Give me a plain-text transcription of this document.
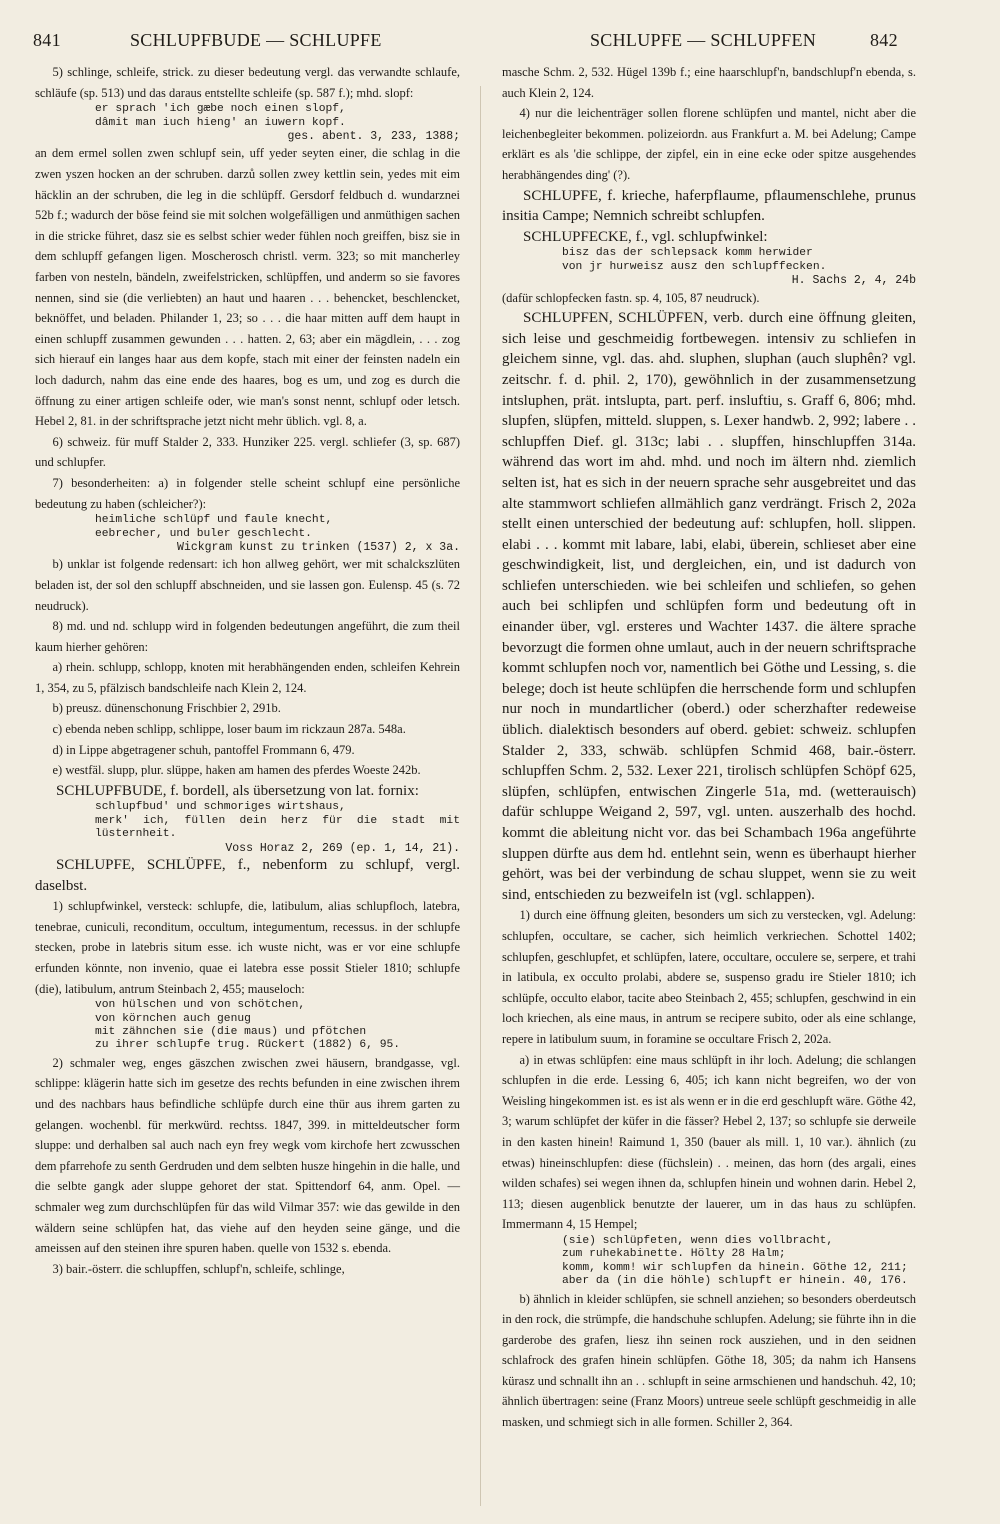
841	SCHLUPFBUDE — SCHLUPFE	SCHLUPFE — SCHLUPFEN	842

5) schlinge, schleife, strick. zu dieser bedeutung vergl. das verwandte schlaufe, schläufe (sp. 513) und das daraus entstellte schleife (sp. 587 f.); mhd. slopf:

er sprach 'ich gæbe noch einen slopf,
dâmit man iuch hieng' an iuwern kopf.
ges. abent. 3, 233, 1388;

an dem ermel sollen zwen schlupf sein, uff yeder seyten einer, die schlag in die zwen yszen hocken an der schruben. darzů sollen zwey kettlin sein, yedes mit eim häcklin an der schruben, die leg in die schlüpff. Gersdorf feldbuch d. wundarznei 52b f.; wadurch der böse feind sie mit solchen wolgefälligen und anmüthigen sachen in die stricke führet, dasz sie es selbst schier weder fühlen noch greiffen, bisz sie in dem schlupff gefangen ligen. Moscherosch christl. verm. 323; so mit mancherley farben von nesteln, bändeln, zweifelstricken, schlüpffen, und anderm so sie favores nennen, sind sie (die verliebten) an haut und haaren . . . behencket, beschlencket, beknöffet, und beladen. Philander 1, 23; so . . . die haar mitten auff dem haupt in einen schlupff zusammen gewunden . . . hatten. 2, 63; aber ein mägdlein, . . . zog sich hierauf ein langes haar aus dem kopfe, stach mit einer der feinsten nadeln ein loch dadurch, nahm das eine ende des haares, bog es um, und zog es durch die öffnung zu einer artigen schleife oder, wie man's sonst nennt, schlupf oder letsch. Hebel 2, 81. in der schriftsprache jetzt nicht mehr üblich. vgl. 8, a.

6) schweiz. für muff Stalder 2, 333. Hunziker 225. vergl. schliefer (3, sp. 687) und schlupfer.

7) besonderheiten: a) in folgender stelle scheint schlupf eine persönliche bedeutung zu haben (schleicher?):

heimliche schlüpf und faule knecht,
eebrecher, und buler geschlecht.
Wickgram kunst zu trinken (1537) 2, x 3a.

b) unklar ist folgende redensart: ich hon allweg gehört, wer mit schalckszlüten beladen ist, der sol den schlupff abschneiden, und sie lassen gon. Eulensp. 45 (s. 72 neudruck).

8) md. und nd. schlupp wird in folgenden bedeutungen angeführt, die zum theil kaum hierher gehören:

a) rhein. schlupp, schlopp, knoten mit herabhängenden enden, schleifen Kehrein 1, 354, zu 5, pfälzisch bandschleife nach Klein 2, 124.

b) preusz. dünenschonung Frischbier 2, 291b.

c) ebenda neben schlipp, schlippe, loser baum im rickzaun 287a. 548a.

d) in Lippe abgetragener schuh, pantoffel Frommann 6, 479.

e) westfäl. slupp, plur. slüppe, haken am hamen des pferdes Woeste 242b.

SCHLUPFBUDE, f. bordell, als übersetzung von lat. fornix:

schlupfbud' und schmoriges wirtshaus,
merk' ich, füllen dein herz für die stadt mit lüsternheit.
Voss Horaz 2, 269 (ep. 1, 14, 21).

SCHLUPFE, SCHLÜPFE, f., nebenform zu schlupf, vergl. daselbst.

1) schlupfwinkel, versteck: schlupfe, die, latibulum, alias schlupfloch, latebra, tenebrae, cuniculi, reconditum, occultum, integumentum, recessus. in der schlupfe stecken, probe in latebris situm esse. ich wuste nicht, was er vor eine schlupfe erfunden könnte, non invenio, quae ei latebra esse possit Stieler 1810; schlupfe (die), latibulum, antrum Steinbach 2, 455; mauseloch:

von hülschen und von schötchen,
von körnchen auch genug
mit zähnchen sie (die maus) und pfötchen
zu ihrer schlupfe trug. Rückert (1882) 6, 95.

2) schmaler weg, enges gäszchen zwischen zwei häusern, brandgasse, vgl. schlippe: klägerin hatte sich im gesetze des rechts befunden in eine zwischen ihrem und des nachbars haus befindliche schlüpfe durch eine thür aus ihrem garten zu gelangen. wochenbl. für merkwürd. rechtss. 1847, 399. in mitteldeutscher form sluppe: und derhalben sal auch nach eyn frey wegk vom kirchofe hert zcwusschen dem pfarrehofe zu senth Gerdruden und dem selbten husze hingehin in die halle, und die selbte gangk ader sluppe gehoret der stat. Spittendorf 64, anm. Opel. — schmaler weg zum durchschlüpfen für das wild Vilmar 357: wie das gewilde in den wäldern seine schlüpfen hat, das viehe auf den heyden seine gänge, und die ameissen auf den steinen ihre spuren haben. quelle von 1532 s. ebenda.

3) bair.-österr. die schlupffen, schlupf'n, schleife, schlinge,

masche Schm. 2, 532. Hügel 139b f.; eine haarschlupf'n, bandschlupf'n ebenda, s. auch Klein 2, 124.

4) nur die leichenträger sollen florene schlüpfen und mantel, nicht aber die leichenbegleiter bekommen. polizeiordn. aus Frankfurt a. M. bei Adelung; Campe erklärt es als 'die schlippe, der zipfel, ein in eine ecke oder spitze ausgehendes herabhängendes ding' (?).

SCHLUPFE, f. krieche, haferpflaume, pflaumenschlehe, prunus insitia Campe; Nemnich schreibt schlupfen.

SCHLUPFECKE, f., vgl. schlupfwinkel:

bisz das der schlepsack komm herwider
von jr hurweisz ausz den schlupffecken.
H. Sachs 2, 4, 24b

(dafür schlopfecken fastn. sp. 4, 105, 87 neudruck).

SCHLUPFEN, SCHLÜPFEN, verb. durch eine öffnung gleiten, sich leise und geschmeidig fortbewegen. intensiv zu schliefen in gleichem sinne, vgl. das. ahd. sluphen, sluphan (auch sluphên? vgl. zeitschr. f. d. phil. 2, 170), gewöhnlich in der zusammensetzung intsluphen, prät. intslupta, part. perf. insluftiu, s. Graff 6, 806; mhd. slupfen, slüpfen, mitteld. sluppen, s. Lexer handwb. 2, 992; labere . . schlupffen Dief. gl. 313c; labi . . slupffen, hinschlupffen 314a. während das wort im ahd. mhd. und noch im ältern nhd. ziemlich selten ist, hat es sich in der neuern sprache sehr ausgebreitet und das alte stammwort schliefen allmählich ganz verdrängt. Frisch 2, 202a stellt einen unterschied der bedeutung auf: schlupfen, holl. slippen. elabi . . . kommt mit labare, labi, elabi, überein, schlieset aber eine geschwindigkeit, list, und dergleichen, ein, und ist dadurch von schliefen unterschieden. wie bei schleifen und schliefen, so gehen auch bei schlipfen und schlüpfen form und bedeutung oft in einander über, vgl. ersteres und Wachter 1437. die ältere sprache bevorzugt die formen ohne umlaut, auch in der neuern schriftsprache kommt schlupfen noch vor, namentlich bei Göthe und Lessing, s. die belege; doch ist heute schlüpfen die herrschende form und schlupfen nur noch in mundartlicher (oberd.) oder scherzhafter redeweise üblich. dialektisch besonders auf oberd. gebiet: schweiz. schlupfen Stalder 2, 333, schwäb. schlüpfen Schmid 468, bair.-österr. schlupffen Schm. 2, 532. Lexer 221, tirolisch schlüpfen Schöpf 625, slüpfen, schlüpfen, entwischen Zingerle 51a, md. (wetterauisch) dafür schluppe Weigand 2, 597, vgl. unten. auszerhalb des hochd. kommt die ableitung nicht vor. das bei Schambach 196a angeführte sluppen dürfte aus dem hd. entlehnt sein, wenn es überhaupt hierher gehört, was bei der verbindung de schau sluppet, wenn sie zu weit sind, entschieden zu bezweifeln ist (vgl. schlappen).

1) durch eine öffnung gleiten, besonders um sich zu verstecken, vgl. Adelung: schlupfen, occultare, se cacher, sich heimlich verkriechen. Schottel 1402; schlupfen, geschlupfet, et schlüpfen, latere, occultare, occulere se, serpere, et trahi in latibula, ex occulto prolabi, abdere se, suspenso gradu ire Stieler 1810; ich schlüpfe, occulto elabor, tacite abeo Steinbach 2, 455; schlupfen, geschwind in ein loch kriechen, als eine maus, in antrum se recipere subito, oder als eine schlange, repere in latibulum suum, in foramine se occultare Frisch 2, 202a.

a) in etwas schlüpfen: eine maus schlüpft in ihr loch. Adelung; die schlangen schlupfen in die erde. Lessing 6, 405; ich kann nicht begreifen, wo der von Weisling hingekommen ist. es ist als wenn er in die erd geschlupft wäre. Göthe 42, 3; warum schlüpfet der küfer in die fässer? Hebel 2, 137; so schlupfe sie derweile in den kasten hinein! Raimund 1, 350 (bauer als mill. 1, 10 var.). ähnlich (zu etwas) hineinschlupfen: diese (füchslein) . . meinen, das horn (des argali, eines wilden schafes) sei wegen ihnen da, schlupfen hinein und wohnen darin. Hebel 2, 113; diesen augenblick benutzte der lauerer, um in das haus zu schlüpfen. Immermann 4, 15 Hempel;

(sie) schlüpfeten, wenn dies vollbracht,
zum ruhekabinette. Hölty 28 Halm;
komm, komm! wir schlupfen da hinein. Göthe 12, 211;
aber da (in die höhle) schlupft er hinein. 40, 176.

b) ähnlich in kleider schlüpfen, sie schnell anziehen; so besonders oberdeutsch in den rock, die strümpfe, die handschuhe schlupfen. Adelung; sie führte ihn in die garderobe des grafen, liesz ihn seinen rock ausziehen, und in den seidnen schlafrock des grafen hinein schlüpfen. Göthe 18, 305; da nahm ich Hansens kürasz und schnallt ihn an . . schlupft in seine armschienen und handschuh. 42, 10; ähnlich übertragen: seine (Franz Moors) untreue seele schlüpft geschmeidig in alle masken, und schmiegt sich in alle formen. Schiller 2, 364.
